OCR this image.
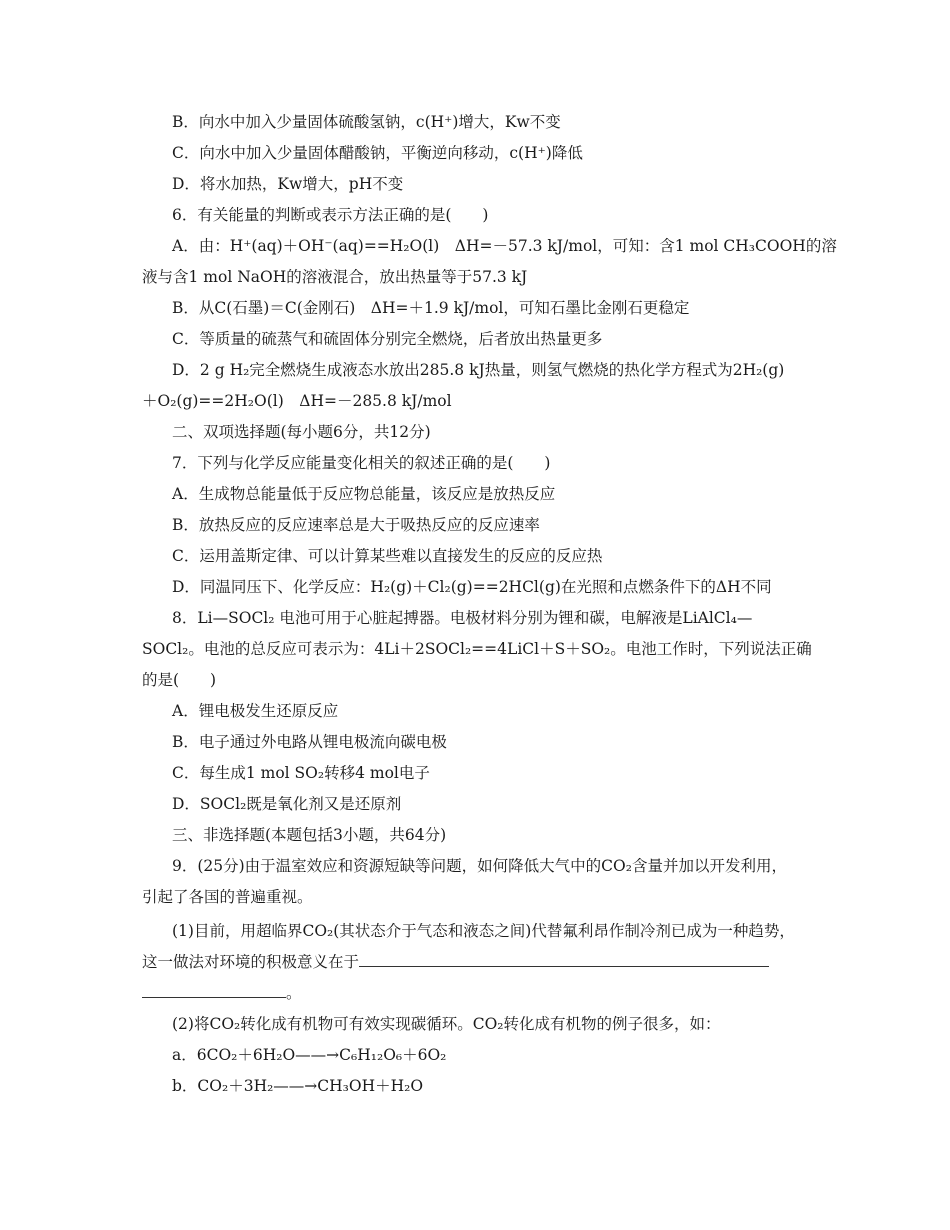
B．向水中加入少量固体硫酸氢钠，c(H⁺)增大，Kw不变
C．向水中加入少量固体醋酸钠，平衡逆向移动，c(H⁺)降低
D．将水加热，Kw增大，pH不变
6．有关能量的判断或表示方法正确的是(　　)
A．由：H⁺(aq)＋OH⁻(aq)==H₂O(l)　ΔH=－57.3 kJ/mol，可知：含1 mol CH₃COOH的溶
液与含1 mol NaOH的溶液混合，放出热量等于57.3 kJ
B．从C(石墨)＝C(金刚石)　ΔH=＋1.9 kJ/mol，可知石墨比金刚石更稳定
C．等质量的硫蒸气和硫固体分别完全燃烧，后者放出热量更多
D．2 g H₂完全燃烧生成液态水放出285.8 kJ热量，则氢气燃烧的热化学方程式为2H₂(g)
＋O₂(g)==2H₂O(l)　ΔH=－285.8 kJ/mol
二、双项选择题(每小题6分，共12分)
7．下列与化学反应能量变化相关的叙述正确的是(　　)
A．生成物总能量低于反应物总能量，该反应是放热反应
B．放热反应的反应速率总是大于吸热反应的反应速率
C．运用盖斯定律、可以计算某些难以直接发生的反应的反应热
D．同温同压下、化学反应：H₂(g)＋Cl₂(g)==2HCl(g)在光照和点燃条件下的ΔH不同
8．Li—SOCl₂ 电池可用于心脏起搏器。电极材料分别为锂和碳，电解液是LiAlCl₄—
SOCl₂。电池的总反应可表示为：4Li＋2SOCl₂==4LiCl＋S＋SO₂。电池工作时，下列说法正确
的是(　　)
A．锂电极发生还原反应
B．电子通过外电路从锂电极流向碳电极
C．每生成1 mol SO₂转移4 mol电子
D．SOCl₂既是氧化剂又是还原剂
三、非选择题(本题包括3小题，共64分)
9．(25分)由于温室效应和资源短缺等问题，如何降低大气中的CO₂含量并加以开发利用，
引起了各国的普遍重视。
(1)目前，用超临界CO₂(其状态介于气态和液态之间)代替氟利昂作制冷剂已成为一种趋势，
这一做法对环境的积极意义在于
。
(2)将CO₂转化成有机物可有效实现碳循环。CO₂转化成有机物的例子很多，如：
a．6CO₂＋6H₂O——→C₆H₁₂O₆＋6O₂
b．CO₂＋3H₂——→CH₃OH＋H₂O
